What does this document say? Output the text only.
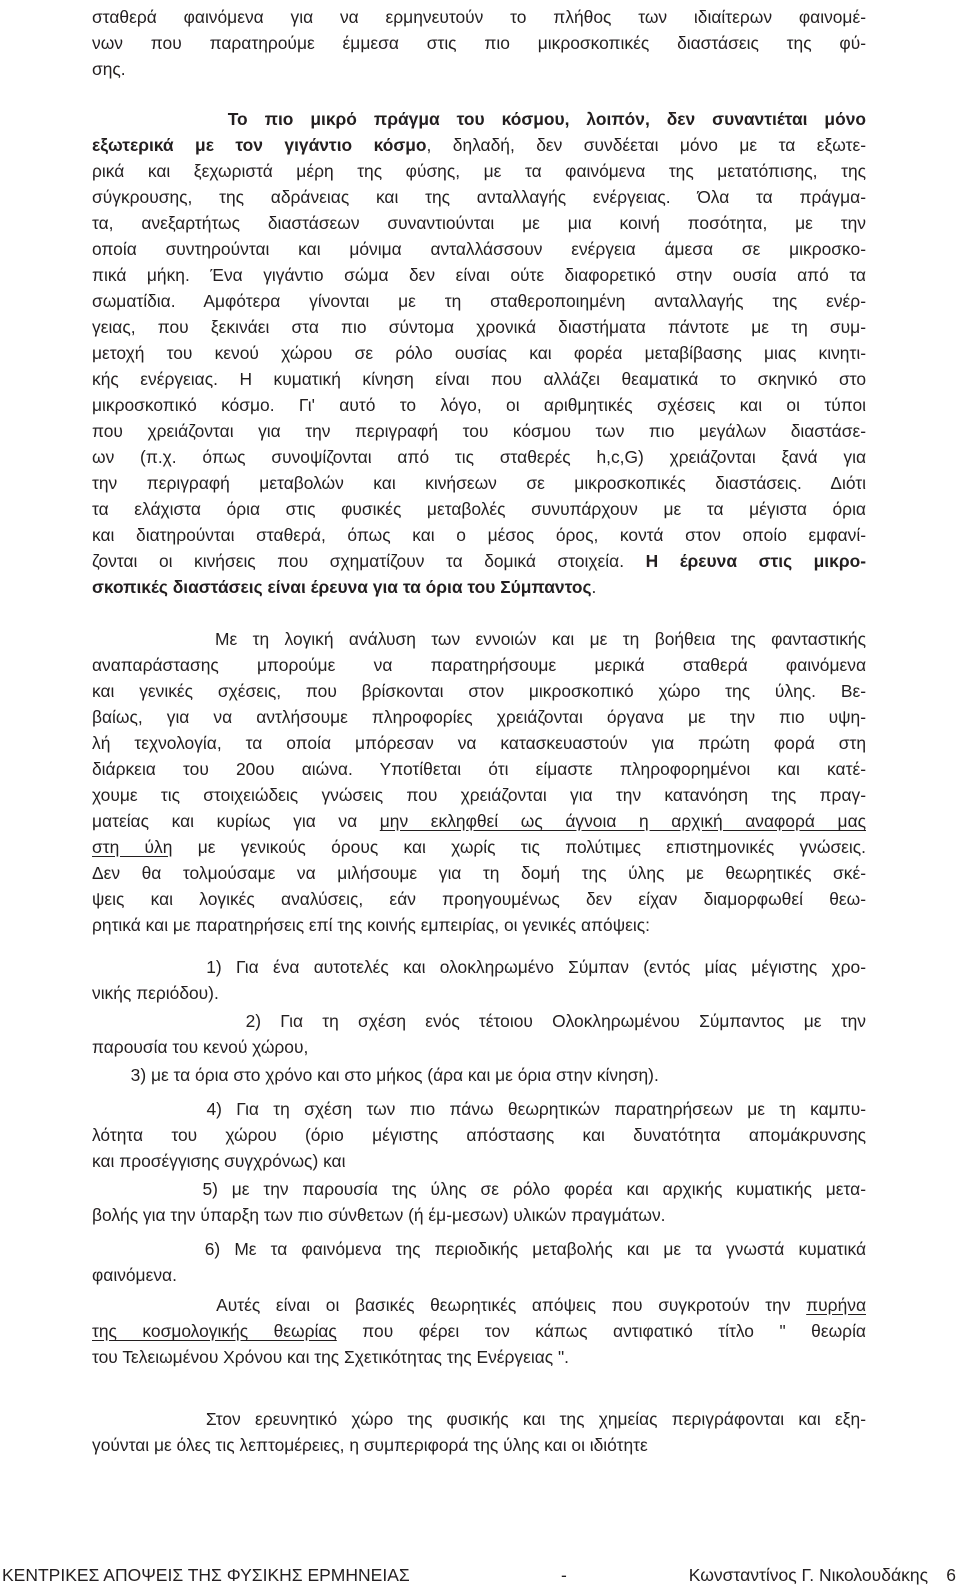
σταθερά φαινόμενα για να ερμηνευτούν το πλήθος των ιδιαίτερων φαινομέ-
νων που παρατηρούμε έμμεσα στις πιο μικροσκοπικές διαστάσεις της φύ-
σης.
Το πιο μικρό πράγμα του κόσμου, λοιπόν, δεν συναντιέται μόνο
εξωτερικά με τον γιγάντιο κόσμο, δηλαδή, δεν συνδέεται μόνο με τα εξωτε-
ρικά και ξεχωριστά μέρη της φύσης, με τα φαινόμενα της μετατόπισης, της
σύγκρουσης, της αδράνειας και της ανταλλαγής ενέργειας. Όλα τα πράγμα-
τα, ανεξαρτήτως διαστάσεων συναντιούνται με μια κοινή ποσότητα, με την
οποία συντηρούνται και μόνιμα ανταλλάσσουν ενέργεια άμεσα σε μικροσκο-
πικά μήκη. Ένα γιγάντιο σώμα δεν είναι ούτε διαφορετικό στην ουσία από τα
σωματίδια. Αμφότερα γίνονται με τη σταθεροποιημένη ανταλλαγής της ενέρ-
γειας, που ξεκινάει στα πιο σύντομα χρονικά διαστήματα πάντοτε με τη συμ-
μετοχή του κενού χώρου σε ρόλο ουσίας και φορέα μεταβίβασης μιας κινητι-
κής ενέργειας. Η κυματική κίνηση είναι που αλλάζει θεαματικά το σκηνικό στο
μικροσκοπικό κόσμο. Γι' αυτό το λόγο, οι αριθμητικές σχέσεις και οι τύποι
που χρειάζονται για την περιγραφή του κόσμου των πιο μεγάλων διαστάσε-
ων (π.χ. όπως συνοψίζονται από τις σταθερές h,c,G) χρειάζονται ξανά για
την περιγραφή μεταβολών και κινήσεων σε μικροσκοπικές διαστάσεις. Διότι
τα ελάχιστα όρια στις φυσικές μεταβολές συνυπάρχουν με τα μέγιστα όρια
και διατηρούνται σταθερά, όπως και ο μέσος όρος, κοντά στον οποίο εμφανί-
ζονται οι κινήσεις που σχηματίζουν τα δομικά στοιχεία. Η έρευνα στις μικρο-
σκοπικές διαστάσεις είναι έρευνα για τα όρια του Σύμπαντος.
Με τη λογική ανάλυση των εννοιών και με τη βοήθεια της φανταστικής
αναπαράστασης μπορούμε να παρατηρήσουμε μερικά σταθερά φαινόμενα
και γενικές σχέσεις, που βρίσκονται στον μικροσκοπικό χώρο της ύλης. Βε-
βαίως, για να αντλήσουμε πληροφορίες χρειάζονται όργανα με την πιο υψη-
λή τεχνολογία, τα οποία μπόρεσαν να κατασκευαστούν για πρώτη φορά στη
διάρκεια του 20ου αιώνα. Υποτίθεται ότι είμαστε πληροφορημένοι και κατέ-
χουμε τις στοιχειώδεις γνώσεις που χρειάζονται για την κατανόηση της πραγ-
ματείας και κυρίως για να μην εκληφθεί ως άγνοια η αρχική αναφορά μας
στη ύλη με γενικούς όρους και χωρίς τις πολύτιμες επιστημονικές γνώσεις.
Δεν θα τολμούσαμε να μιλήσουμε για τη δομή της ύλης με θεωρητικές σκέ-
ψεις και λογικές αναλύσεις, εάν προηγουμένως δεν είχαν διαμορφωθεί θεω-
ρητικά και με παρατηρήσεις επί της κοινής εμπειρίας, οι γενικές απόψεις:
1) Για ένα αυτοτελές και ολοκληρωμένο Σύμπαν (εντός μίας μέγιστης χρο-
νικής περιόδου).
2) Για τη σχέση ενός τέτοιου Ολοκληρωμένου Σύμπαντος με την
παρουσία του κενού χώρου,
3) με τα όρια στο χρόνο και στο μήκος (άρα και με όρια στην κίνηση).
4) Για τη σχέση των πιο πάνω θεωρητικών παρατηρήσεων με τη καμπυ-
λότητα του χώρου (όριο μέγιστης απόστασης και δυνατότητα απομάκρυνσης
και προσέγγισης συγχρόνως) και
5) με την παρουσία της ύλης σε ρόλο φορέα και αρχικής κυματικής μετα-
βολής για την ύπαρξη των πιο σύνθετων (ή έμ-μεσων) υλικών πραγμάτων.
6) Με τα φαινόμενα της περιοδικής μεταβολής και με τα γνωστά κυματικά
φαινόμενα.
Αυτές είναι οι βασικές θεωρητικές απόψεις που συγκροτούν την πυρήνα
της κοσμολογικής θεωρίας που φέρει τον κάπως αντιφατικό τίτλο " θεωρία
του Τελειωμένου Χρόνου και της Σχετικότητας της Ενέργειας ".
Στον ερευνητικό χώρο της φυσικής και της χημείας περιγράφονται και εξη-
γούνται με όλες τις λεπτομέρειες, η συμπεριφορά της ύλης και οι ιδιότητε
ΚΕΝΤΡΙΚΕΣ ΑΠΟΨΕΙΣ ΤΗΣ ΦΥΣΙΚΗΣ ΕΡΜΗΝΕΙΑΣ	-	Κωνσταντίνος Γ. Νικολουδάκης 6
